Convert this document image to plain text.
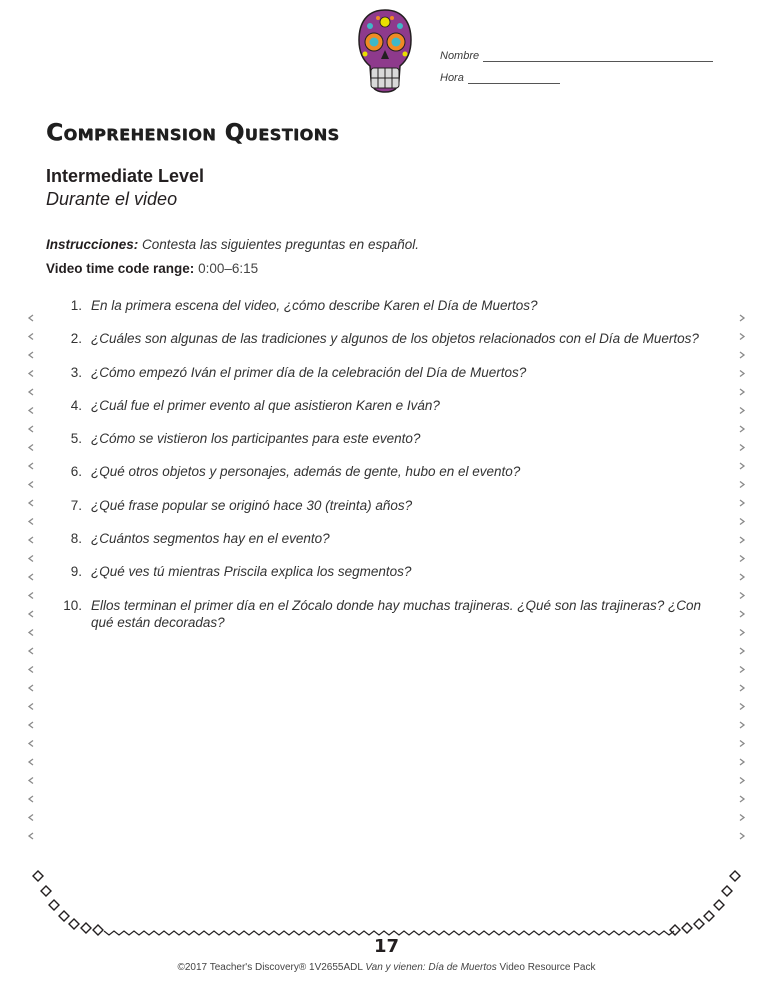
Nombre
Hora
Comprehension Questions
Intermediate Level
Durante el video
Instrucciones: Contesta las siguientes preguntas en español.
Video time code range: 0:00–6:15
1. En la primera escena del video, ¿cómo describe Karen el Día de Muertos?
2. ¿Cuáles son algunas de las tradiciones y algunos de los objetos relacionados con el Día de Muertos?
3. ¿Cómo empezó Iván el primer día de la celebración del Día de Muertos?
4. ¿Cuál fue el primer evento al que asistieron Karen e Iván?
5. ¿Cómo se vistieron los participantes para este evento?
6. ¿Qué otros objetos y personajes, además de gente, hubo en el evento?
7. ¿Qué frase popular se originó hace 30 (treinta) años?
8. ¿Cuántos segmentos hay en el evento?
9. ¿Qué ves tú mientras Priscila explica los segmentos?
10. Ellos terminan el primer día en el Zócalo donde hay muchas trajineras. ¿Qué son las trajineras? ¿Con qué están decoradas?
17
©2017 Teacher's Discovery® 1V2655ADL Van y vienen: Día de Muertos Video Resource Pack
